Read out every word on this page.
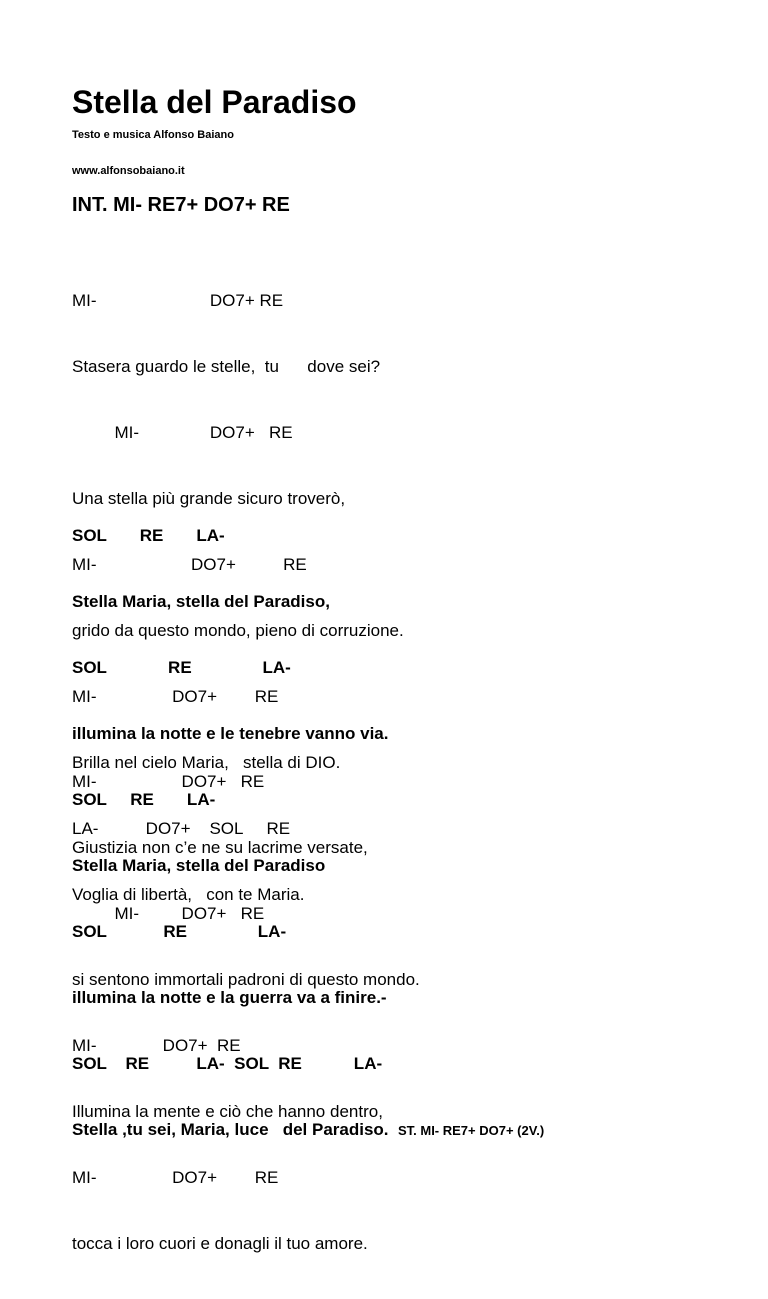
Stella del Paradiso
Testo e musica Alfonso Baiano
www.alfonsobaiano.it
INT. MI- RE7+ DO7+ RE

MI-                        DO7+ RE

Stasera guardo le stelle,  tu      dove sei?

MI-               DO7+   RE

Una stella più grande sicuro troverò,

MI-                    DO7+          RE

grido da questo mondo, pieno di corruzione.

MI-                DO7+        RE

Brilla nel cielo Maria,   stella di DIO.

LA-          DO7+    SOL     RE

Voglia di libertà,   con te Maria.

SOL       RE       LA-

Stella Maria, stella del Paradiso,

SOL             RE               LA-

illumina la notte e le tenebre vanno via.

SOL     RE       LA-

Stella Maria, stella del Paradiso

SOL            RE               LA-

illumina la notte e la guerra va a finire.-

SOL    RE          LA-  SOL  RE           LA-

Stella ,tu sei, Maria, luce   del Paradiso. ST. MI- RE7+ DO7+ (2V.)

MI-                  DO7+   RE

Giustizia non c’e ne su lacrime versate,

MI-         DO7+   RE

si sentono immortali padroni di questo mondo.

MI-              DO7+  RE

Illumina la mente e ciò che hanno dentro,

MI-                DO7+        RE

tocca i loro cuori e donagli il tuo amore.
